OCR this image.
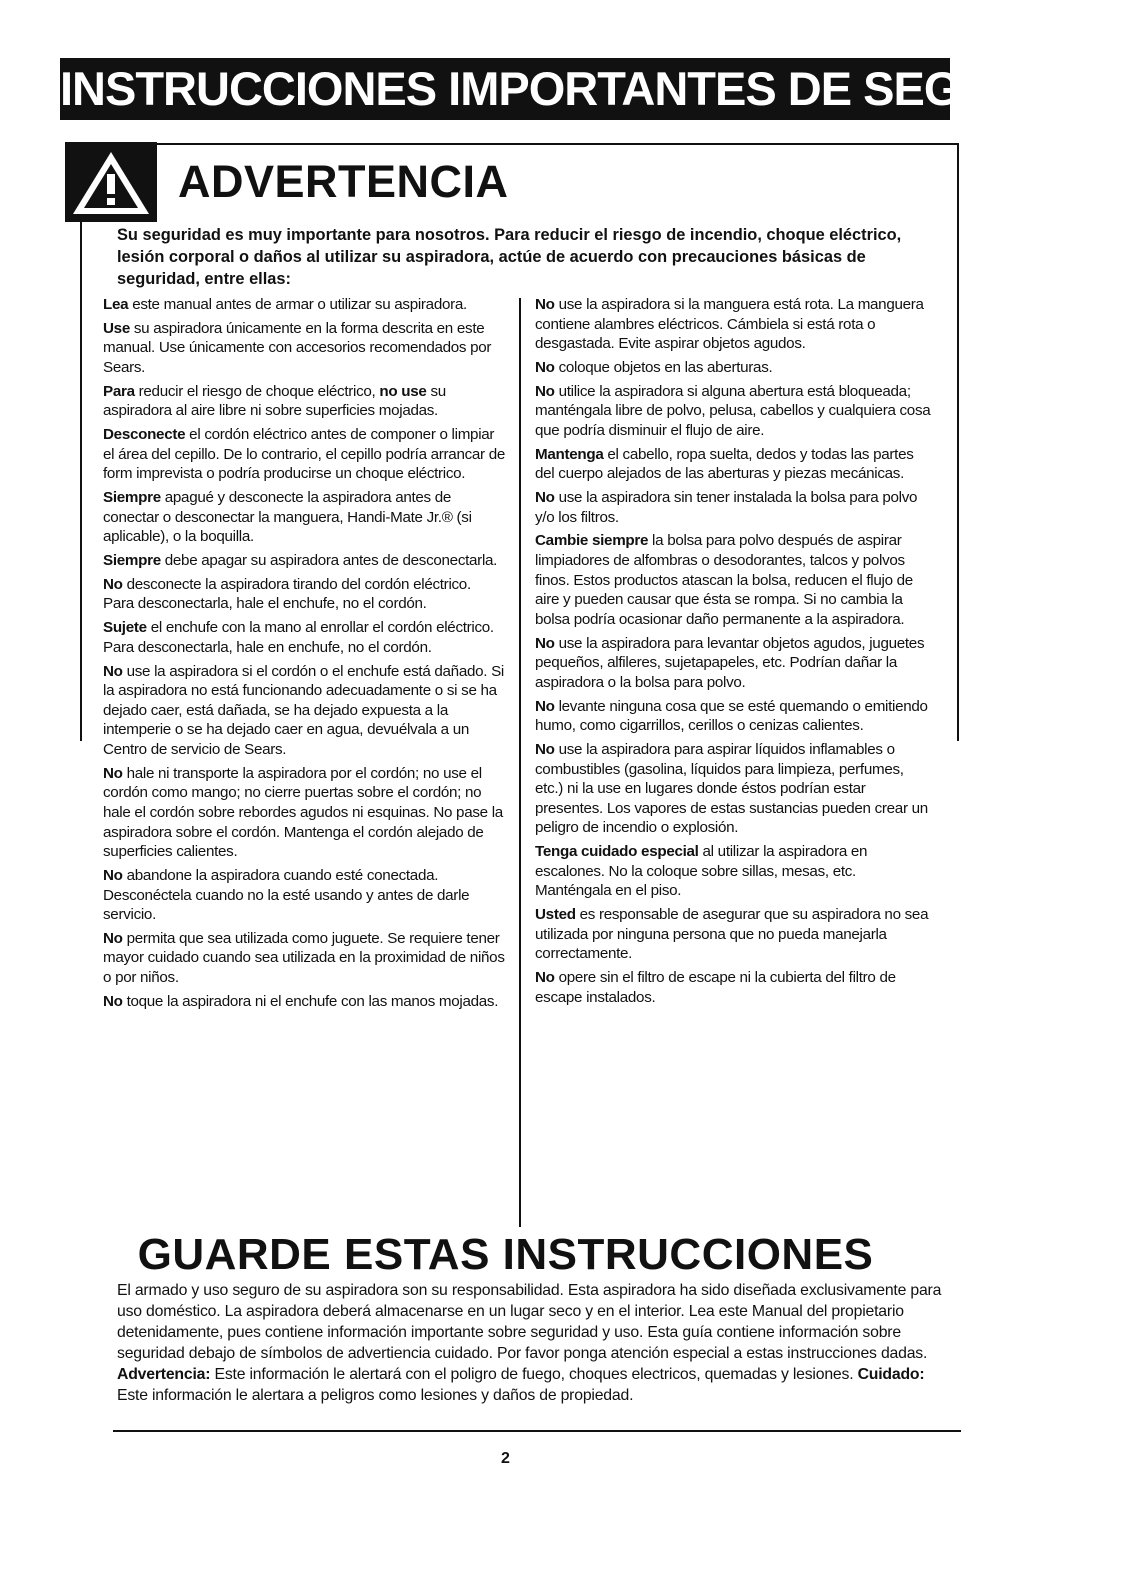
INSTRUCCIONES IMPORTANTES DE SEGURIDAD
ADVERTENCIA
Su seguridad es muy importante para nosotros. Para reducir el riesgo de incendio, choque eléctrico, lesión corporal o daños al utilizar su aspiradora, actúe de acuerdo con precauciones básicas de seguridad, entre ellas:

Lea este manual antes de armar o utilizar su aspiradora.

Use su aspiradora únicamente en la forma descrita en este manual. Use únicamente con accesorios recomendados por Sears.

Para reducir el riesgo de choque eléctrico, no use su aspiradora al aire libre ni sobre superficies mojadas.

Desconecte el cordón eléctrico antes de componer o limpiar el área del cepillo. De lo contrario, el cepillo podría arrancar de form imprevista o podría producirse un choque eléctrico.

Siempre apagué y desconecte la aspiradora antes de conectar o desconectar la manguera, Handi-Mate Jr.® (si aplicable), o la boquilla.

Siempre debe apagar su aspiradora antes de desconectarla.

No desconecte la aspiradora tirando del cordón eléctrico. Para desconectarla, hale el enchufe, no el cordón.

Sujete el enchufe con la mano al enrollar el cordón eléctrico. Para desconectarla, hale en enchufe, no el cordón.

No use la aspiradora si el cordón o el enchufe está dañado. Si la aspiradora no está funcionando adecuadamente o si se ha dejado caer, está dañada, se ha dejado expuesta a la intemperie o se ha dejado caer en agua, devuélvala a un Centro de servicio de Sears.

No hale ni transporte la aspiradora por el cordón; no use el cordón como mango; no cierre puertas sobre el cordón; no hale el cordón sobre rebordes agudos ni esquinas. No pase la aspiradora sobre el cordón. Mantenga el cordón alejado de superficies calientes.

No abandone la aspiradora cuando esté conectada. Desconéctela cuando no la esté usando y antes de darle servicio.

No permita que sea utilizada como juguete. Se requiere tener mayor cuidado cuando sea utilizada en la proximidad de niños o por niños.

No toque la aspiradora ni el enchufe con las manos mojadas.

No use la aspiradora si la manguera está rota. La manguera contiene alambres eléctricos. Cámbiela si está rota o desgastada. Evite aspirar objetos agudos.

No coloque objetos en las aberturas.

No utilice la aspiradora si alguna abertura está bloqueada; manténgala libre de polvo, pelusa, cabellos y cualquiera cosa que podría disminuir el flujo de aire.

Mantenga el cabello, ropa suelta, dedos y todas las partes del cuerpo alejados de las aberturas y piezas mecánicas.

No use la aspiradora sin tener instalada la bolsa para polvo y/o los filtros.

Cambie siempre la bolsa para polvo después de aspirar limpiadores de alfombras o desodorantes, talcos y polvos finos. Estos productos atascan la bolsa, reducen el flujo de aire y pueden causar que ésta se rompa. Si no cambia la bolsa podría ocasionar daño permanente a la aspiradora.

No use la aspiradora para levantar objetos agudos, juguetes pequeños, alfileres, sujetapapeles, etc. Podrían dañar la aspiradora o la bolsa para polvo.

No levante ninguna cosa que se esté quemando o emitiendo humo, como cigarrillos, cerillos o cenizas calientes.

No use la aspiradora para aspirar líquidos inflamables o combustibles (gasolina, líquidos para limpieza, perfumes, etc.) ni la use en lugares donde éstos podrían estar presentes. Los vapores de estas sustancias pueden crear un peligro de incendio o explosión.

Tenga cuidado especial al utilizar la aspiradora en escalones. No la coloque sobre sillas, mesas, etc. Manténgala en el piso.

Usted es responsable de asegurar que su aspiradora no sea utilizada por ninguna persona que no pueda manejarla correctamente.

No opere sin el filtro de escape ni la cubierta del filtro de escape instalados.

GUARDE ESTAS INSTRUCCIONES
El armado y uso seguro de su aspiradora son su responsabilidad. Esta aspiradora ha sido diseñada exclusivamente para uso doméstico. La aspiradora deberá almacenarse en un lugar seco y en el interior. Lea este Manual del propietario detenidamente, pues contiene información importante sobre seguridad y uso. Esta guía contiene información sobre seguridad debajo de símbolos de advertiencia cuidado. Por favor ponga atención especial a estas instrucciones dadas. Advertencia: Este información le alertará con el poligro de fuego, choques electricos, quemadas y lesiones. Cuidado: Este información le alertara a peligros como lesiones y daños de propiedad.
2
